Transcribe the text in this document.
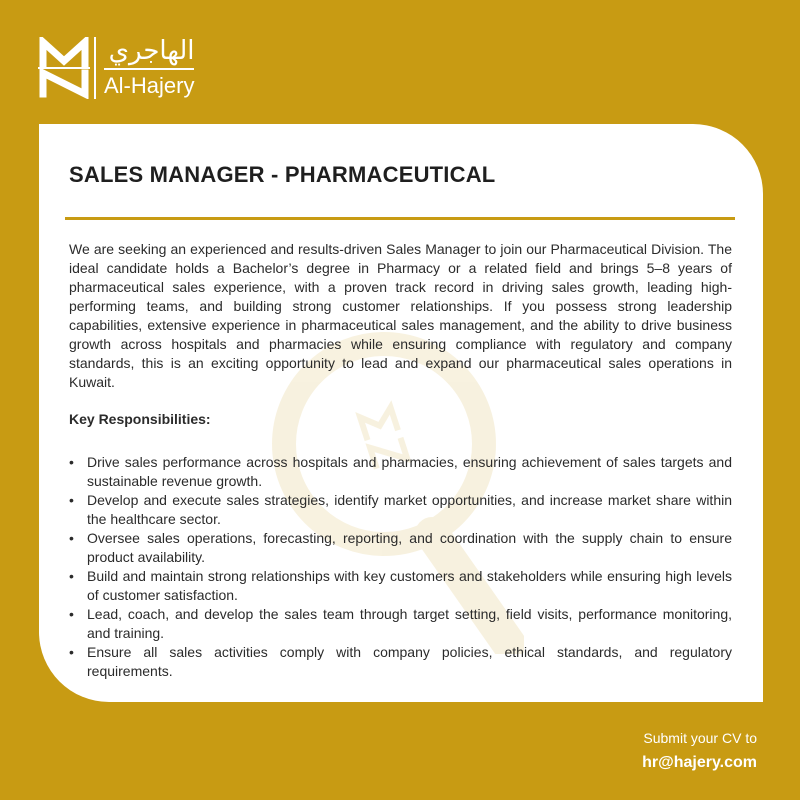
الهاجري
Al-Hajery
SALES MANAGER - PHARMACEUTICAL

We are seeking an experienced and results-driven Sales Manager to join our Pharmaceutical Division. The ideal candidate holds a Bachelor’s degree in Pharmacy or a related field and brings 5–8 years of pharmaceutical sales experience, with a proven track record in driving sales growth, leading high-performing teams, and building strong customer relationships. If you possess strong leadership capabilities, extensive experience in pharmaceutical sales management, and the ability to drive business growth across hospitals and pharmacies while ensuring compliance with regulatory and company standards, this is an exciting opportunity to lead and expand our pharmaceutical sales operations in Kuwait.

Key Responsibilities:

• Drive sales performance across hospitals and pharmacies, ensuring achievement of sales targets and sustainable revenue growth.
• Develop and execute sales strategies, identify market opportunities, and increase market share within the healthcare sector.
• Oversee sales operations, forecasting, reporting, and coordination with the supply chain to ensure product availability.
• Build and maintain strong relationships with key customers and stakeholders while ensuring high levels of customer satisfaction.
• Lead, coach, and develop the sales team through target setting, field visits, performance monitoring, and training.
• Ensure all sales activities comply with company policies, ethical standards, and regulatory requirements.
Submit your CV to
hr@hajery.com
